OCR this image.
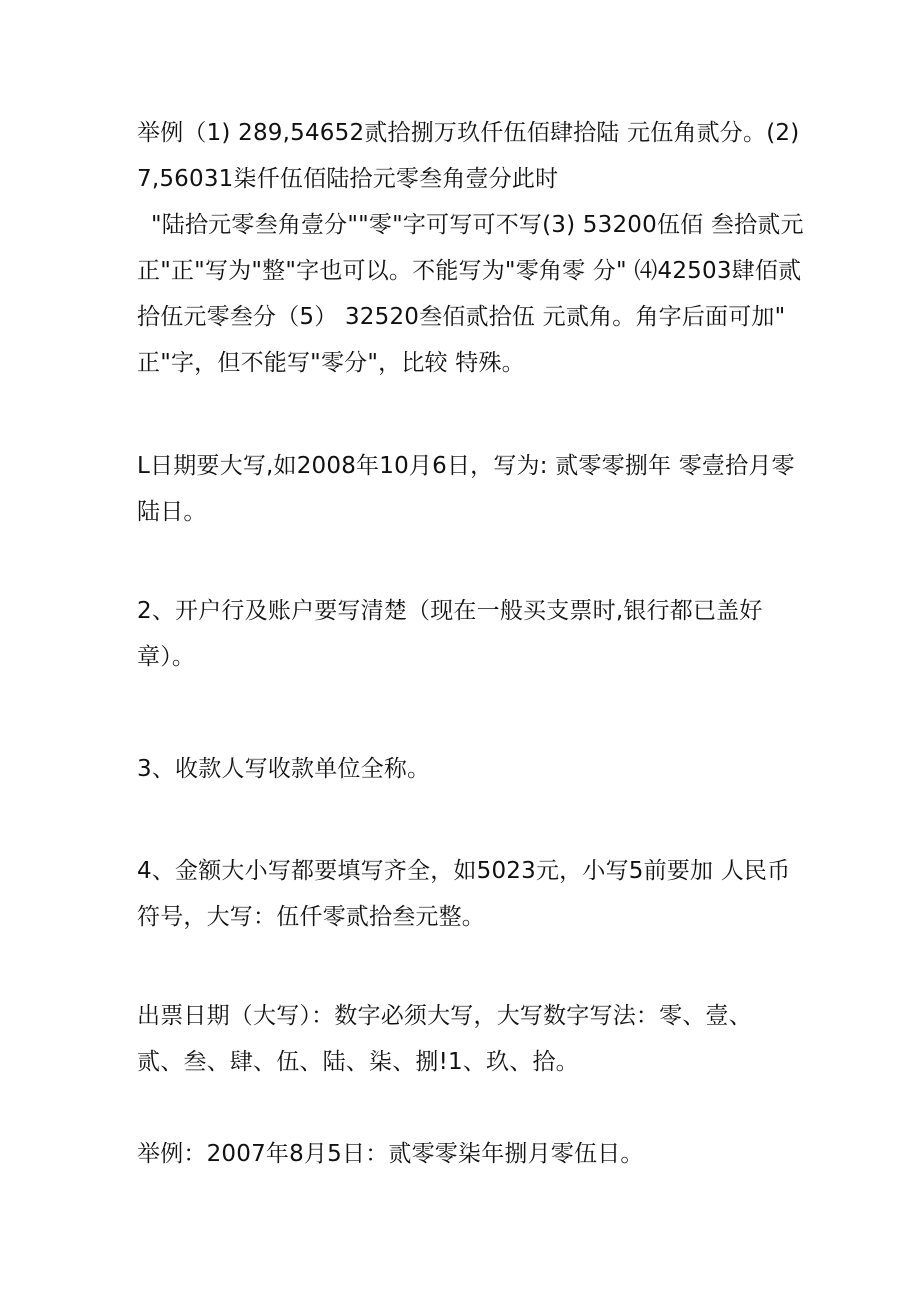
举例（1) 289,54652贰拾捌万玖仟伍佰肆拾陆 元伍角贰分。(2)
7,56031柒仟伍佰陆拾元零叁角壹分此时
"陆拾元零叁角壹分""零"字可写可不写(3) 53200伍佰 叁拾贰元
正"正"写为"整"字也可以。不能写为"零角零 分" ⑷42503肆佰贰
拾伍元零叁分（5） 32520叁佰贰拾伍 元贰角。角字后面可加"
正"字，但不能写"零分"，比较 特殊。

L日期要大写,如2008年10月6日，写为: 贰零零捌年 零壹拾月零
陆日。

2、开户行及账户要写清楚（现在一般买支票时,银行都已盖好
章）。

3、收款人写收款单位全称。

4、金额大小写都要填写齐全，如5023元，小写5前要加 人民币
符号，大写：伍仟零贰拾叁元整。

出票日期（大写）：数字必须大写，大写数字写法：零、壹、
贰、叁、肆、伍、陆、柒、捌!1、玖、拾。

举例：2007年8月5日：贰零零柒年捌月零伍日。
